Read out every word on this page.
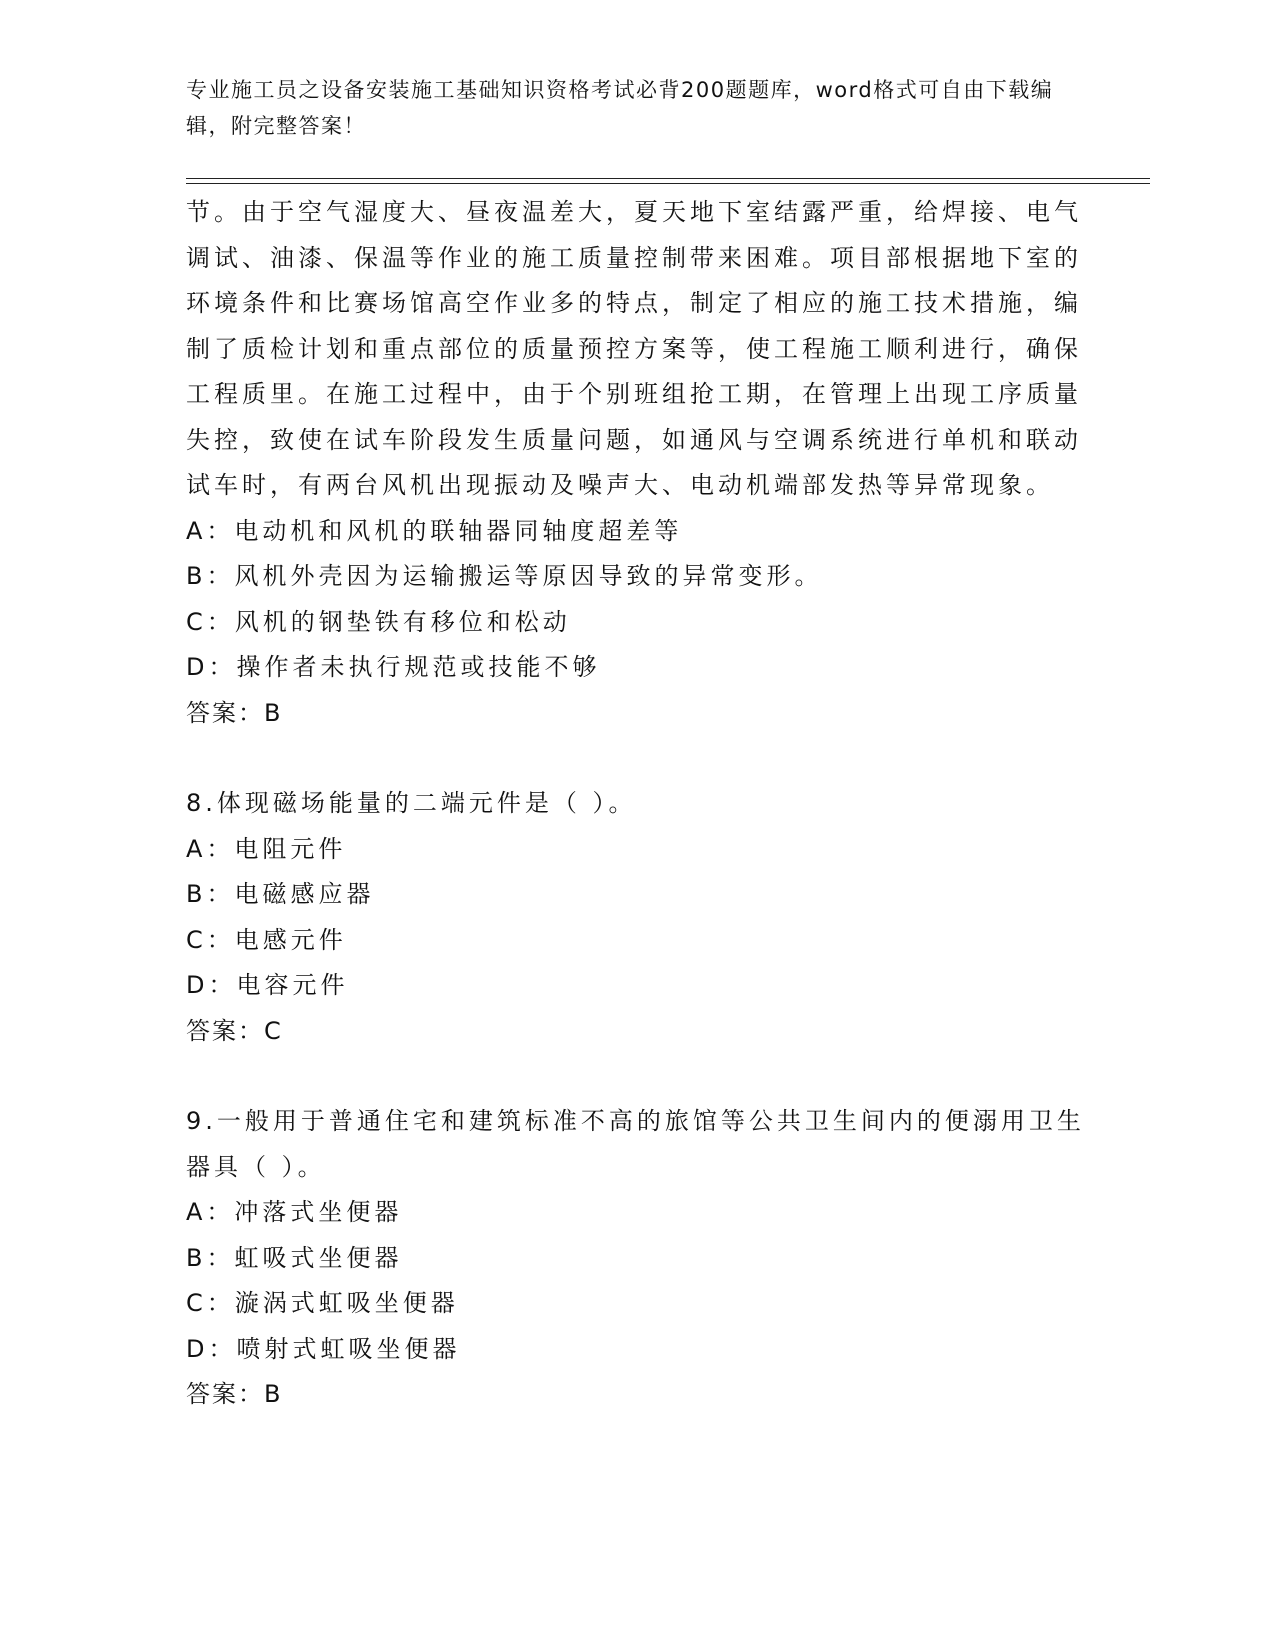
专业施工员之设备安装施工基础知识资格考试必背200题题库，word格式可自由下载编辑，附完整答案！
节。由于空气湿度大、昼夜温差大，夏天地下室结露严重，给焊接、电气调试、油漆、保温等作业的施工质量控制带来困难。项目部根据地下室的环境条件和比赛场馆高空作业多的特点，制定了相应的施工技术措施，编制了质检计划和重点部位的质量预控方案等，使工程施工顺利进行，确保工程质里。在施工过程中，由于个别班组抢工期，在管理上出现工序质量失控，致使在试车阶段发生质量问题，如通风与空调系统进行单机和联动试车时，有两台风机出现振动及噪声大、电动机端部发热等异常现象。
A：电动机和风机的联轴器同轴度超差等
B：风机外壳因为运输搬运等原因导致的异常变形。
C：风机的钢垫铁有移位和松动
D：操作者未执行规范或技能不够
答案：B
8.体现磁场能量的二端元件是（ ）。
A：电阻元件
B：电磁感应器
C：电感元件
D：电容元件
答案：C
9.一般用于普通住宅和建筑标准不高的旅馆等公共卫生间内的便溺用卫生器具（ ）。
A：冲落式坐便器
B：虹吸式坐便器
C：漩涡式虹吸坐便器
D：喷射式虹吸坐便器
答案：B
